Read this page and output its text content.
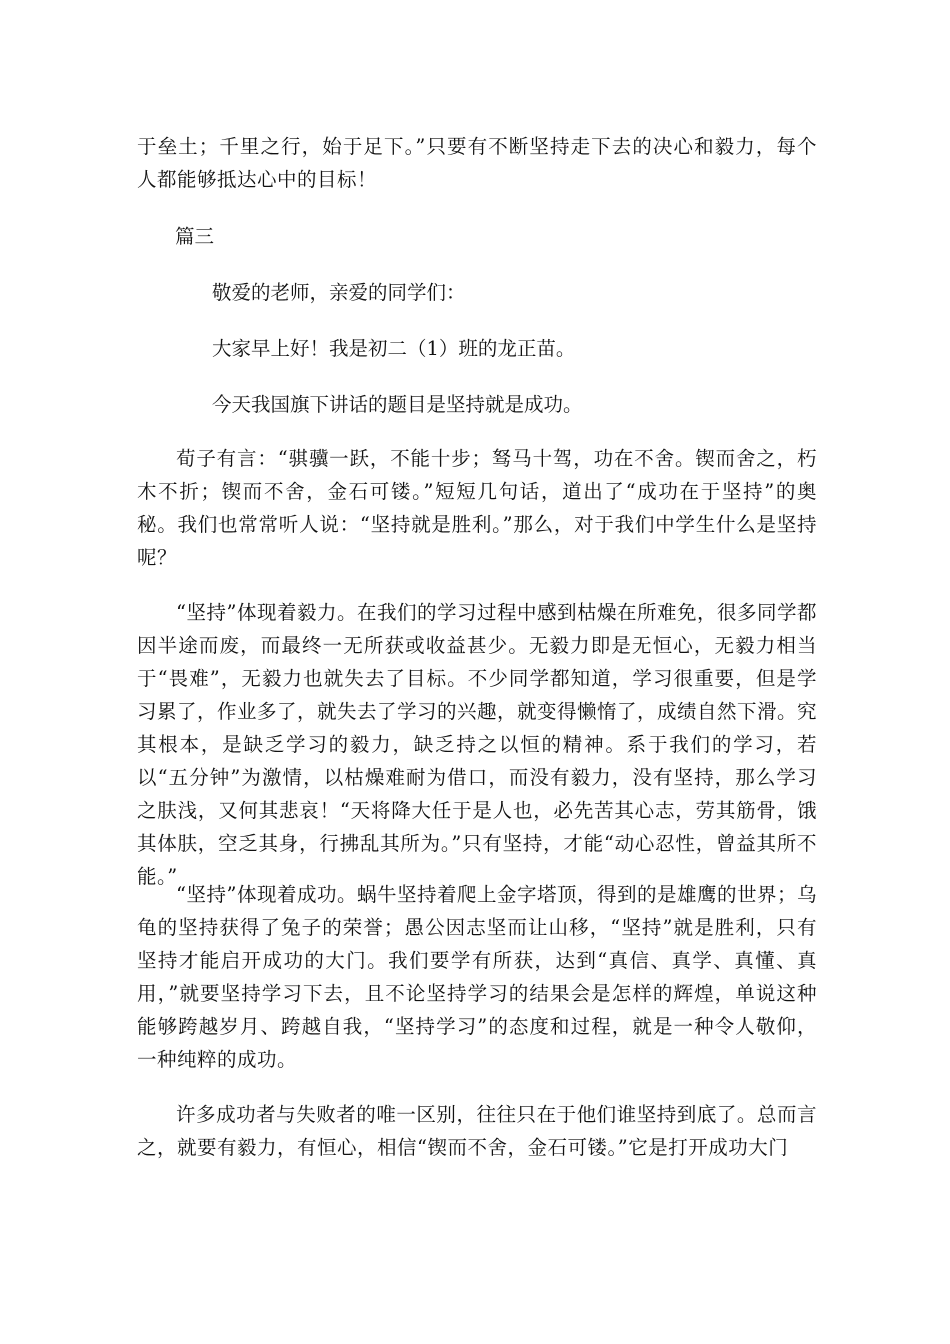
于垒土；千里之行，始于足下。”只要有不断坚持走下去的决心和毅力，每个人都能够抵达心中的目标！

篇三

敬爱的老师，亲爱的同学们：

大家早上好！我是初二（1）班的龙正苗。

今天我国旗下讲话的题目是坚持就是成功。

荀子有言：“骐骥一跃，不能十步；驽马十驾，功在不舍。锲而舍之，朽木不折；锲而不舍，金石可镂。”短短几句话，道出了“成功在于坚持”的奥秘。我们也常常听人说：“坚持就是胜利。”那么，对于我们中学生什么是坚持呢？

“坚持”体现着毅力。在我们的学习过程中感到枯燥在所难免，很多同学都因半途而废，而最终一无所获或收益甚少。无毅力即是无恒心，无毅力相当于“畏难”，无毅力也就失去了目标。不少同学都知道，学习很重要，但是学习累了，作业多了，就失去了学习的兴趣，就变得懒惰了，成绩自然下滑。究其根本，是缺乏学习的毅力，缺乏持之以恒的精神。系于我们的学习，若以“五分钟”为激情，以枯燥难耐为借口，而没有毅力，没有坚持，那么学习之肤浅，又何其悲哀！“天将降大任于是人也，必先苦其心志，劳其筋骨，饿其体肤，空乏其身，行拂乱其所为。”只有坚持，才能“动心忍性，曾益其所不能。”

“坚持”体现着成功。蜗牛坚持着爬上金字塔顶，得到的是雄鹰的世界；乌龟的坚持获得了兔子的荣誉；愚公因志坚而让山移，“坚持”就是胜利，只有坚持才能启开成功的大门。我们要学有所获，达到“真信、真学、真懂、真用，”就要坚持学习下去，且不论坚持学习的结果会是怎样的辉煌，单说这种能够跨越岁月、跨越自我，“坚持学习”的态度和过程，就是一种令人敬仰，一种纯粹的成功。

许多成功者与失败者的唯一区别，往往只在于他们谁坚持到底了。总而言之，就要有毅力，有恒心，相信“锲而不舍，金石可镂。”它是打开成功大门
